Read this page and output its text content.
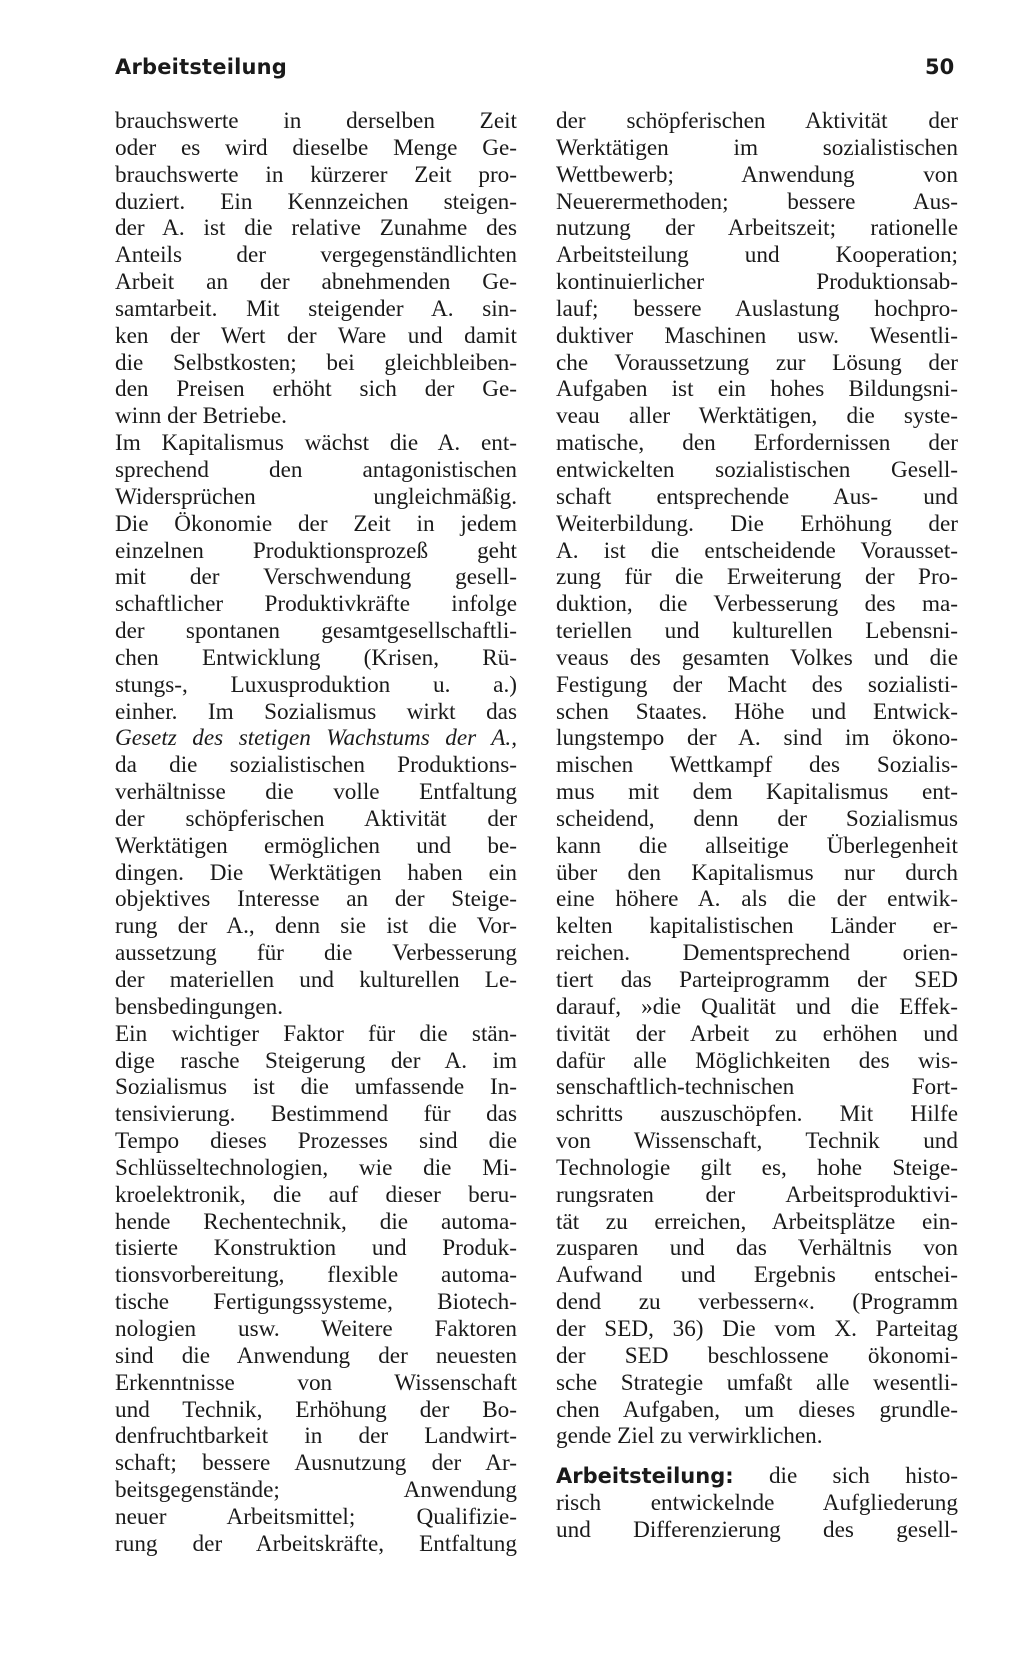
Arbeitsteilung	50
brauchswerte in derselben Zeit
oder es wird dieselbe Menge Ge-
brauchswerte in kürzerer Zeit pro-
duziert. Ein Kennzeichen steigen-
der A. ist die relative Zunahme des
Anteils der vergegenständlichten
Arbeit an der abnehmenden Ge-
samtarbeit. Mit steigender A. sin-
ken der Wert der Ware und damit
die Selbstkosten; bei gleichbleiben-
den Preisen erhöht sich der Ge-
winn der Betriebe.
Im Kapitalismus wächst die A. ent-
sprechend den antagonistischen
Widersprüchen ungleichmäßig.
Die Ökonomie der Zeit in jedem
einzelnen Produktionsprozeß geht
mit der Verschwendung gesell-
schaftlicher Produktivkräfte infolge
der spontanen gesamtgesellschaftli-
chen Entwicklung (Krisen, Rü-
stungs-, Luxusproduktion u. a.)
einher. Im Sozialismus wirkt das
Gesetz des stetigen Wachstums der A.,
da die sozialistischen Produktions-
verhältnisse die volle Entfaltung
der schöpferischen Aktivität der
Werktätigen ermöglichen und be-
dingen. Die Werktätigen haben ein
objektives Interesse an der Steige-
rung der A., denn sie ist die Vor-
aussetzung für die Verbesserung
der materiellen und kulturellen Le-
bensbedingungen.
Ein wichtiger Faktor für die stän-
dige rasche Steigerung der A. im
Sozialismus ist die umfassende In-
tensivierung. Bestimmend für das
Tempo dieses Prozesses sind die
Schlüsseltechnologien, wie die Mi-
kroelektronik, die auf dieser beru-
hende Rechentechnik, die automa-
tisierte Konstruktion und Produk-
tionsvorbereitung, flexible automa-
tische Fertigungssysteme, Biotech-
nologien usw. Weitere Faktoren
sind die Anwendung der neuesten
Erkenntnisse von Wissenschaft
und Technik, Erhöhung der Bo-
denfruchtbarkeit in der Landwirt-
schaft; bessere Ausnutzung der Ar-
beitsgegenstände; Anwendung
neuer Arbeitsmittel; Qualifizie-
rung der Arbeitskräfte, Entfaltung
der schöpferischen Aktivität der
Werktätigen im sozialistischen
Wettbewerb; Anwendung von
Neuerermethoden; bessere Aus-
nutzung der Arbeitszeit; rationelle
Arbeitsteilung und Kooperation;
kontinuierlicher Produktionsab-
lauf; bessere Auslastung hochpro-
duktiver Maschinen usw. Wesentli-
che Voraussetzung zur Lösung der
Aufgaben ist ein hohes Bildungsni-
veau aller Werktätigen, die syste-
matische, den Erfordernissen der
entwickelten sozialistischen Gesell-
schaft entsprechende Aus- und
Weiterbildung. Die Erhöhung der
A. ist die entscheidende Vorausset-
zung für die Erweiterung der Pro-
duktion, die Verbesserung des ma-
teriellen und kulturellen Lebensni-
veaus des gesamten Volkes und die
Festigung der Macht des sozialisti-
schen Staates. Höhe und Entwick-
lungstempo der A. sind im ökono-
mischen Wettkampf des Sozialis-
mus mit dem Kapitalismus ent-
scheidend, denn der Sozialismus
kann die allseitige Überlegenheit
über den Kapitalismus nur durch
eine höhere A. als die der entwik-
kelten kapitalistischen Länder er-
reichen. Dementsprechend orien-
tiert das Parteiprogramm der SED
darauf, »die Qualität und die Effek-
tivität der Arbeit zu erhöhen und
dafür alle Möglichkeiten des wis-
senschaftlich-technischen Fort-
schritts auszuschöpfen. Mit Hilfe
von Wissenschaft, Technik und
Technologie gilt es, hohe Steige-
rungsraten der Arbeitsproduktivi-
tät zu erreichen, Arbeitsplätze ein-
zusparen und das Verhältnis von
Aufwand und Ergebnis entschei-
dend zu verbessern«. (Programm
der SED, 36) Die vom X. Parteitag
der SED beschlossene ökonomi-
sche Strategie umfaßt alle wesentli-
chen Aufgaben, um dieses grundle-
gende Ziel zu verwirklichen.
Arbeitsteilung: die sich histo-
risch entwickelnde Aufgliederung
und Differenzierung des gesell-
